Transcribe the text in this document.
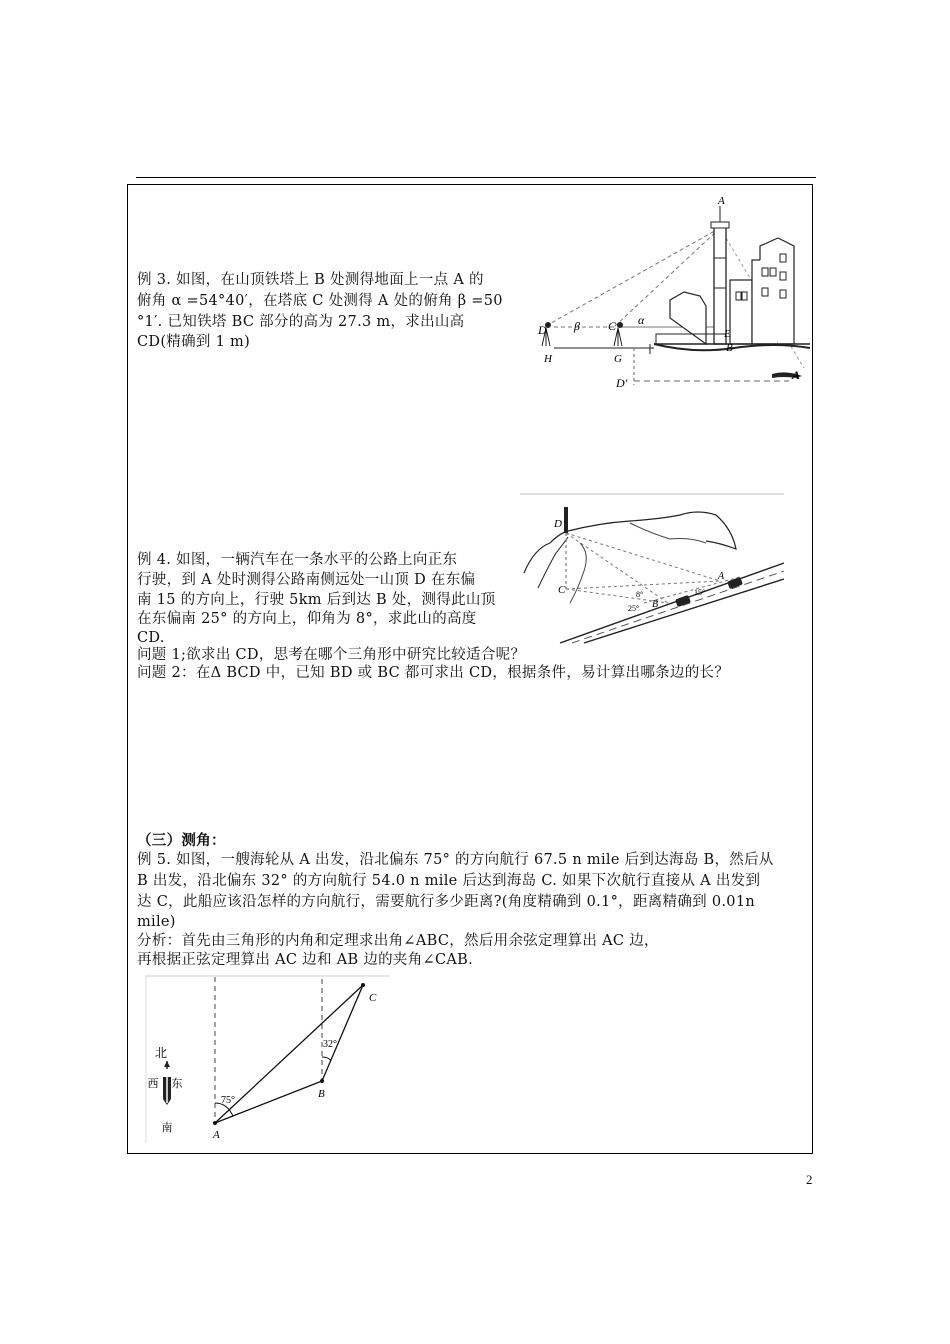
例 3. 如图，在山顶铁塔上 B 处测得地面上一点 A 的
俯角 α =54°40′，在塔底 C 处测得 A 处的俯角 β =50
°1′. 已知铁塔 BC 部分的高为 27.3 m，求出山高
CD(精确到 1 m)
A
α
β
D	C
E
B
H	G
D′
A
例 4. 如图，一辆汽车在一条水平的公路上向正东
行驶，到 A 处时测得公路南侧远处一山顶 D 在东偏
南 15 的方向上，行驶 5km 后到达 B 处，测得此山顶
在东偏南 25° 的方向上，仰角为 8°，求此山的高度
CD.
问题 1;欲求出 CD，思考在哪个三角形中研究比较适合呢？
问题 2：在Δ BCD 中，已知 BD 或 BC 都可求出 CD，根据条件，易计算出哪条边的长？
D
C
B
A
8°
25°
15°
（三）测角：
例 5. 如图，一艘海轮从 A 出发，沿北偏东 75° 的方向航行 67.5 n mile 后到达海岛 B，然后从
B 出发，沿北偏东 32° 的方向航行 54.0 n mile 后达到海岛 C. 如果下次航行直接从 A 出发到
达 C，此船应该沿怎样的方向航行，需要航行多少距离?(角度精确到 0.1°，距离精确到 0.01n
mile)
分析：首先由三角形的内角和定理求出角∠ABC，然后用余弦定理算出 AC 边，
再根据正弦定理算出 AC 边和 AB 边的夹角∠CAB.
北
西 东
南
75°
32°
A
B
C
2
